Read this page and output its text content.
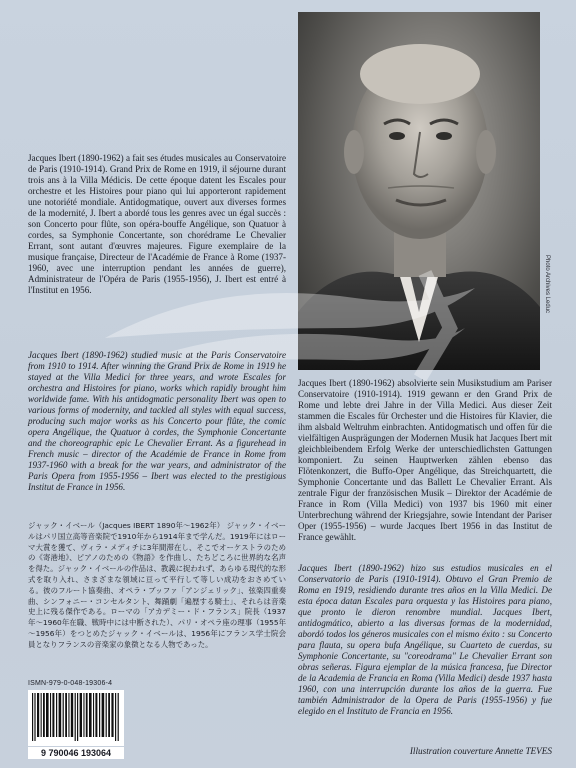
Photo Archives Leduc
Jacques Ibert (1890-1962) a fait ses études musicales au Conservatoire de Paris (1910-1914). Grand Prix de Rome en 1919, il séjourne durant trois ans à la Villa Médicis. De cette époque datent les Escales pour orchestre et les Histoires pour piano qui lui apporteront rapidement une notoriété mondiale. Antidogmatique, ouvert aux diverses formes de la modernité, J. Ibert a abordé tous les genres avec un égal succès : son Concerto pour flûte, son opéra-bouffe Angélique, son Quatuor à cordes, sa Symphonie Concertante, son chorédrame Le Chevalier Errant, sont autant d'œuvres majeures. Figure exemplaire de la musique française, Directeur de l'Académie de France à Rome (1937-1960, avec une interruption pendant les années de guerre), Administrateur de l'Opéra de Paris (1955-1956), J. Ibert est entré à l'Institut en 1956.
Jacques Ibert (1890-1962) studied music at the Paris Conservatoire from 1910 to 1914. After winning the Grand Prix de Rome in 1919 he stayed at the Villa Medici for three years, and wrote Escales for orchestra and Histoires for piano, works which rapidly brought him worldwide fame. With his antidogmatic personality Ibert was open to various forms of modernity, and tackled all styles with equal success, producing such major works as his Concerto pour flûte, the comic opera Angélique, the Quatuor à cordes, the Symphonie Concertante and the choreographic epic Le Chevalier Errant. As a figurehead in French music – director of the Académie de France in Rome from 1937-1960 with a break for the war years, and administrator of the Paris Opera from 1955-1956 – Ibert was elected to the prestigious Institut de France in 1956.
ジャック・イベール（Jacques IBERT 1890年～1962年） ジャック・イベールはパリ国立高等音楽院で1910年から1914年まで学んだ。1919年にはローマ大賞を獲て、ヴィラ・メディチに3年間滞在し、そこでオーケストラのための《寄港地》、ピアノのための《物語》を作曲し、たちどころに世界的な名声を得た。ジャック・イベールの作品は、教義に捉われず、あらゆる現代的な形式を取り入れ、さまざまな領域に亘って平行して等しい成功をおさめている。彼のフルート協奏曲、オペラ・ブッファ「アンジェリック」、弦楽四重奏曲、シンフォニー・コンセルタント、舞踊劇「遍歴する騎士」、それらは音楽史上に残る傑作である。ローマの「アカデミー・ド・フランス」院長（1937年～1960年在職、戦時中には中断された）、パリ・オペラ座の理事（1955年～1956年）をつとめたジャック・イベールは、1956年にフランス学士院会員となりフランスの音楽家の象徴となる人物であった。
Jacques Ibert (1890-1962) absolvierte sein Musikstudium am Pariser Conservatoire (1910-1914). 1919 gewann er den Grand Prix de Rome und lebte drei Jahre in der Villa Medici. Aus dieser Zeit stammen die Escales für Orchester und die Histoires für Klavier, die ihm alsbald Weltruhm einbrachten. Antidogmatisch und offen für die vielfältigen Ausprägungen der Modernen Musik hat Jacques Ibert mit gleichbleibendem Erfolg Werke der unterschiedlichsten Gattungen komponiert. Zu seinen Hauptwerken zählen ebenso das Flötenkonzert, die Buffo-Oper Angélique, das Streichquartett, die Symphonie Concertante und das Ballett Le Chevalier Errant. Als zentrale Figur der französischen Musik – Direktor der Académie de France in Rom (Villa Medici) von 1937 bis 1960 mit einer Unterbrechung während der Kriegsjahre, sowie Intendant der Pariser Oper (1955-1956) – wurde Jacques Ibert 1956 in das Institut de France gewählt.
Jacques Ibert (1890-1962) hizo sus estudios musicales en el Conservatorio de Paris (1910-1914). Obtuvo el Gran Premio de Roma en 1919, residiendo durante tres años en la Villa Medici. De esta época datan Escales para orquesta y las Histoires para piano, que pronto le dieron renombre mundial. Jacques Ibert, antidogmático, abierto a las diversas formas de la modernidad, abordó todos los géneros musicales con el mismo éxito : su Concerto para flauta, su opera bufa Angélique, su Cuarteto de cuerdas, su Symphonie Concertante, su "coreodrama" Le Chevalier Errant son obras señeras. Figura ejemplar de la música francesa, fue Director de la Academia de Francia en Roma (Villa Medici) desde 1937 hasta 1960, con una interrupción durante los años de la guerra. Fue también Administrador de la Opera de Paris (1955-1956) y fue elegido en el Instituto de Francia en 1956.
ISMN-979-0-048-19306-4
9 790046 193064	Illustration couverture Annette TEVES
